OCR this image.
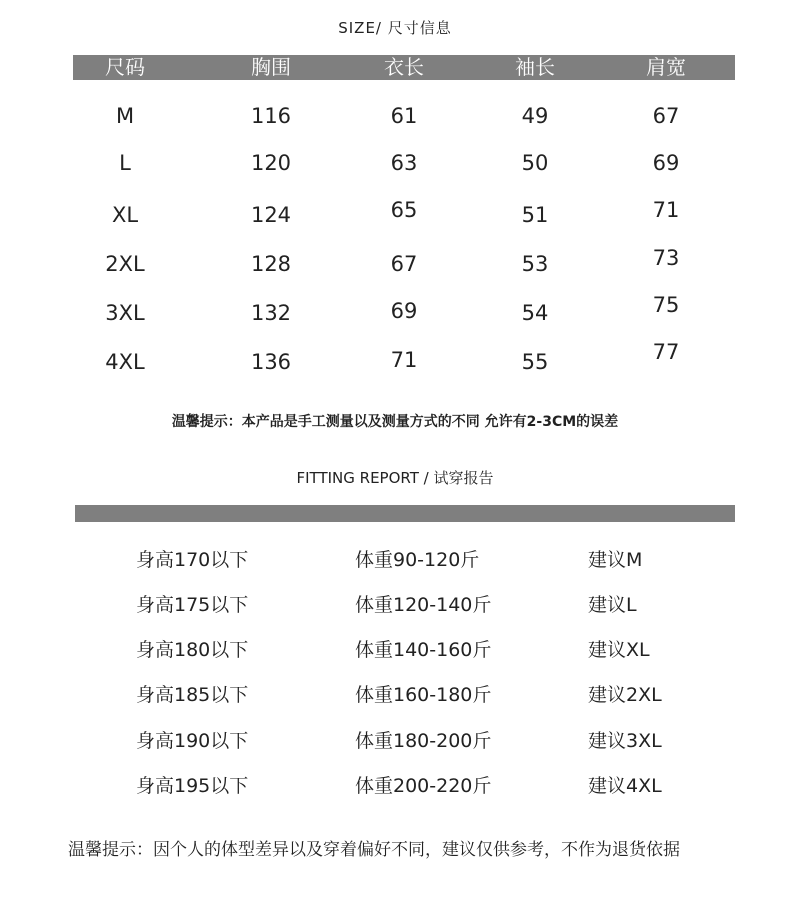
SIZE/ 尺寸信息
尺码	胸围	衣长	袖长	肩宽
M	116	61	49	67
L	120	63	50	69
XL	124	65	51	71
2XL	128	67	53	73
3XL	132	69	54	75
4XL	136	71	55	77
温馨提示：本产品是手工测量以及测量方式的不同 允许有2-3CM的误差
FITTING REPORT / 试穿报告
身高170以下	体重90-120斤	建议M
身高175以下	体重120-140斤	建议L
身高180以下	体重140-160斤	建议XL
身高185以下	体重160-180斤	建议2XL
身高190以下	体重180-200斤	建议3XL
身高195以下	体重200-220斤	建议4XL
温馨提示：因个人的体型差异以及穿着偏好不同，建议仅供参考，不作为退货依据
